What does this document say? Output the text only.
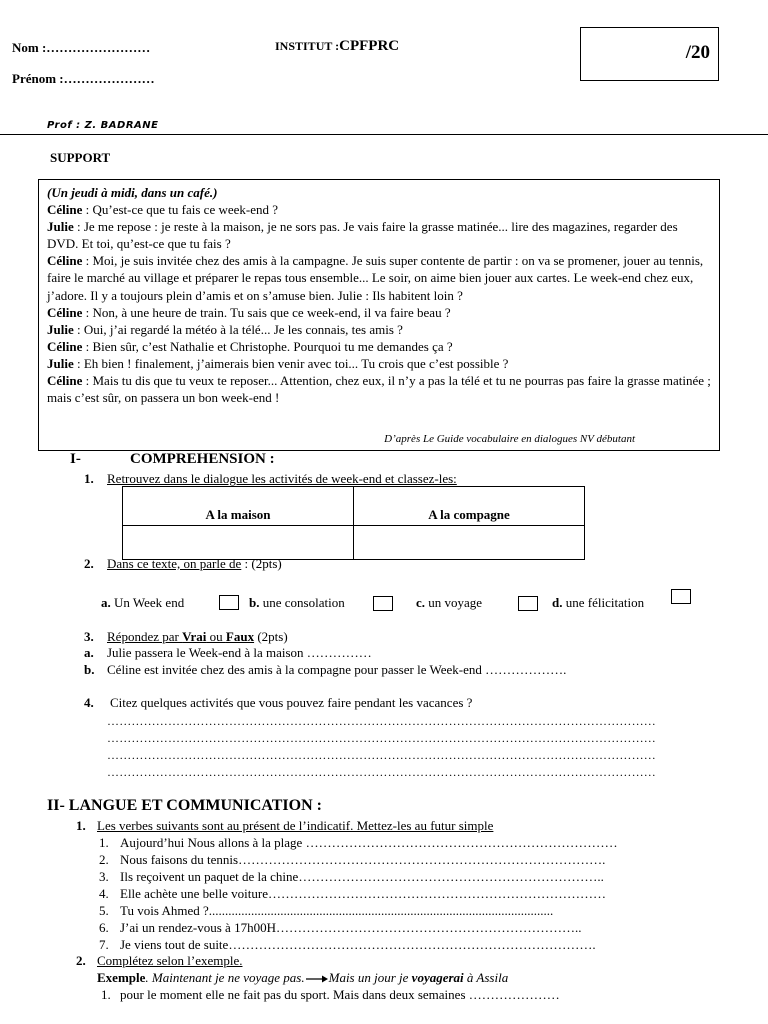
Nom :……………………
Prénom :…………………
INSTITUT :CPFPRC	/20
Prof : Z. BADRANE
SUPPORT

(Un jeudi à midi, dans un café.)

Céline : Qu’est-ce que tu fais ce week-end ?

Julie : Je me repose : je reste à la maison, je ne sors pas. Je vais faire la grasse matinée... lire des magazines, regarder des DVD. Et toi, qu’est-ce que tu fais ?

Céline : Moi, je suis invitée chez des amis à la campagne. Je suis super contente de partir : on va se promener, jouer au tennis, faire le marché au village et préparer le repas tous ensemble... Le soir, on aime bien jouer aux cartes. Le week-end chez eux, j’adore. Il y a toujours plein d’amis et on s’amuse bien. Julie : Ils habitent loin ?

Céline : Non, à une heure de train. Tu sais que ce week-end, il va faire beau ?

Julie : Oui, j’ai regardé la météo à la télé... Je les connais, tes amis ?

Céline : Bien sûr, c’est Nathalie et Christophe. Pourquoi tu me demandes ça ?

Julie : Eh bien ! finalement, j’aimerais bien venir avec toi... Tu crois que c’est possible ?

Céline : Mais tu dis que tu veux te reposer... Attention, chez eux, il n’y a pas la télé et tu ne pourras pas faire la grasse matinée ; mais c’est sûr, on passera un bon week-end !

D’après Le Guide vocabulaire en dialogues NV débutant
I-	COMPREHENSION :
1. Retrouvez dans le dialogue les activités de week-end et classez-les:
A la maison	A la compagne

2. Dans ce texte, on parle de : (2pts)
a. Un Week end	b. une consolation	c. un voyage	d. une félicitation
3. Répondez par Vrai ou Faux (2pts)
a. Julie passera le Week-end à la maison ……………
b. Céline est invitée chez des amis à la compagne pour passer le Week-end ……………….
4. Citez quelques activités que vous pouvez faire pendant les vacances ?
………………………………………………………………………………………………………………………
………………………………………………………………………………………………………………………
………………………………………………………………………………………………………………………
………………………………………………………………………………………………………………………
II- LANGUE ET COMMUNICATION :
1. Les verbes suivants sont au présent de l’indicatif. Mettez-les au futur simple
1. Aujourd’hui Nous allons à la plage ………………………………………………………………
2. Nous faisons du tennis………………………………………………………………………….
3. Ils reçoivent un paquet de la chine……………………………………………………………..
4. Elle achète une belle voiture……………………………………………………………………
5. Tu vois Ahmed ?..........................................................................................................
6. J’ai un rendez-vous à 17h00H……………………………………………………………..
7. Je viens tout de suite………………………………………………………………………….
2. Complétez selon l’exemple.
Exemple. Maintenant je ne voyage pas. Mais un jour je voyagerai à Assila
1. pour le moment elle ne fait pas du sport. Mais dans deux semaines …………………
